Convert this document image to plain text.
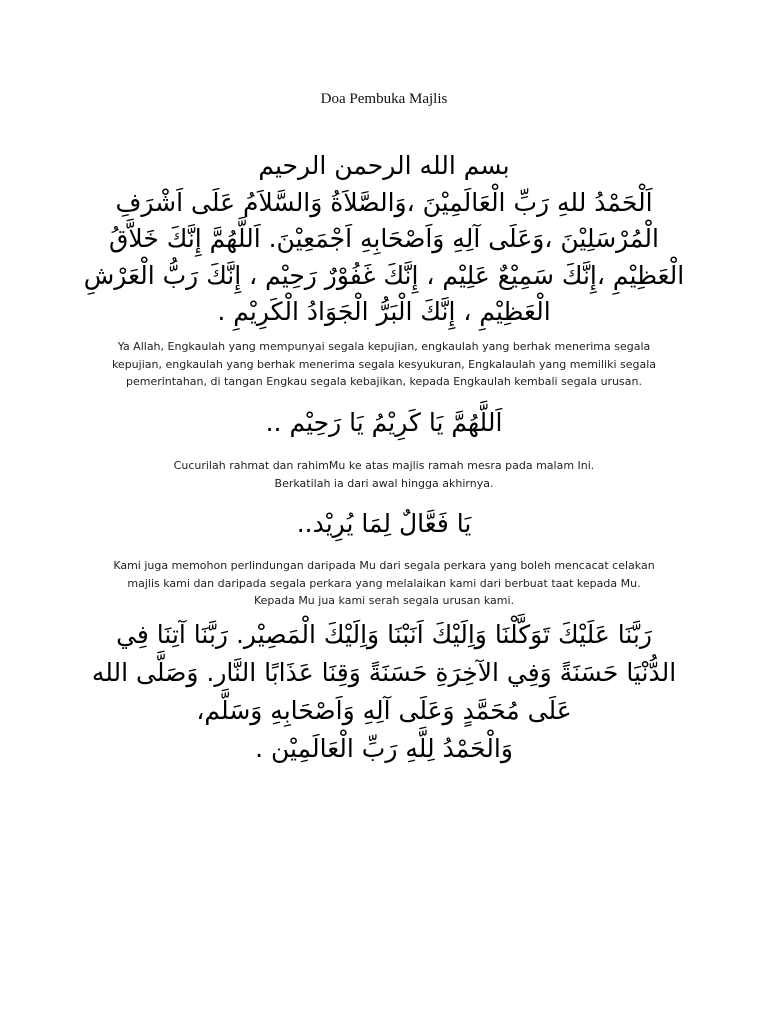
Doa Pembuka Majlis
بسم الله الرحمن الرحيم
اَلْحَمْدُ للهِ رَبِّ الْعَالَمِيْنَ ،وَالصَّلاَةُ وَالسَّلاَمُ عَلَى اَشْرَفِ
الْمُرْسَلِيْنَ ،وَعَلَى آلِهِ وَاَصْحَابِهِ اَجْمَعِيْنَ. اَللَّهُمَّ إِنَّكَ خَلاَّقُ
الْعَظِيْمِ ،إِنَّكَ سَمِيْعٌ عَلِيْم ، إِنَّكَ غَفُوْرٌ رَحِيْم ، إِنَّكَ رَبُّ الْعَرْشِ
الْعَظِيْمِ ، إِنَّكَ الْبَرُّ الْجَوَادُ الْكَرِيْمِ .
Ya Allah, Engkaulah yang mempunyai segala kepujian, engkaulah yang berhak menerima segala
kepujian, engkaulah yang berhak menerima segala kesyukuran, Engkalaulah yang memiliki segala
pemerintahan, di tangan Engkau segala kebajikan, kepada Engkaulah kembali segala urusan.
اَللَّهُمَّ يَا كَرِيْمُ يَا رَحِيْم ..
Cucurilah rahmat dan rahimMu ke atas majlis ramah mesra pada malam Ini.
Berkatilah ia dari awal hingga akhirnya.
يَا فَعَّالٌ لِمَا يُرِيْد..
Kami juga memohon perlindungan daripada Mu dari segala perkara yang boleh mencacat celakan
majlis kami dan daripada segala perkara yang melalaikan kami dari berbuat taat kepada Mu.
Kepada Mu jua kami serah segala urusan kami.
رَبَّنَا عَلَيْكَ تَوَكَّلْنَا وَاِلَيْكَ اَنَبْنَا وَاِلَيْكَ الْمَصِيْر. رَبَّنَا آتِنَا فِي
الدُّنْيَا حَسَنَةً وَفِي الآخِرَةِ حَسَنَةً وَقِنَا عَذَابًا النَّار. وَصَلَّى الله
عَلَى مُحَمَّدٍ وَعَلَى آلِهِ وَاَصْحَابِهِ وَسَلَّم،
وَالْحَمْدُ لِلَّهِ رَبِّ الْعَالَمِيْن .
